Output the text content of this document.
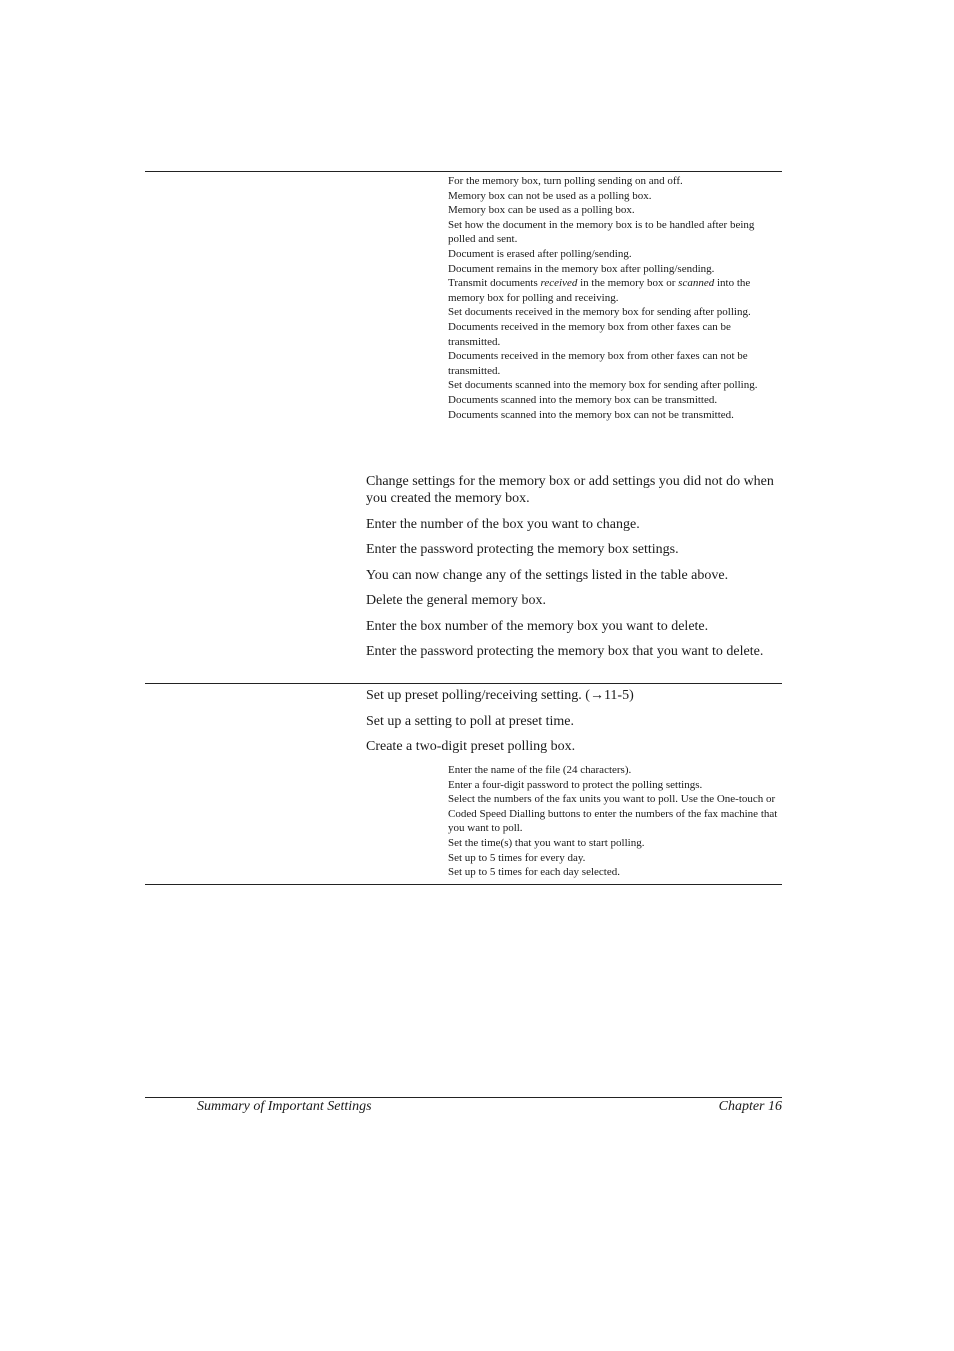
For the memory box, turn polling sending on and off.
Memory box can not be used as a polling box.
Memory box can be used as a polling box.
Set how the document in the memory box is to be handled after being polled and sent.
Document is erased after polling/sending.
Document remains in the memory box after polling/sending.
Transmit documents received in the memory box or scanned into the memory box for polling and receiving.
Set documents received in the memory box for sending after polling.
Documents received in the memory box from other faxes can be transmitted.
Documents received in the memory box from other faxes can not be transmitted.
Set documents scanned into the memory box for sending after polling.
Documents scanned into the memory box can be transmitted.
Documents scanned into the memory box can not be transmitted.

Change settings for the memory box or add settings you did not do when you created the memory box.

Enter the number of the box you want to change.

Enter the password protecting the memory box settings.

You can now change any of the settings listed in the table above.

Delete the general memory box.

Enter the box number of the memory box you want to delete.

Enter the password protecting the memory box that you want to delete.

Set up preset polling/receiving setting. (→11-5)

Set up a setting to poll at preset time.

Create a two-digit preset polling box.

Enter the name of the file (24 characters).
Enter a four-digit password to protect the polling settings.
Select the numbers of the fax units you want to poll. Use the One-touch or Coded Speed Dialling buttons to enter the numbers of the fax machine that you want to poll.
Set the time(s) that you want to start polling.
Set up to 5 times for every day.
Set up to 5 times for each day selected.
Summary of Important Settings	Chapter 16
